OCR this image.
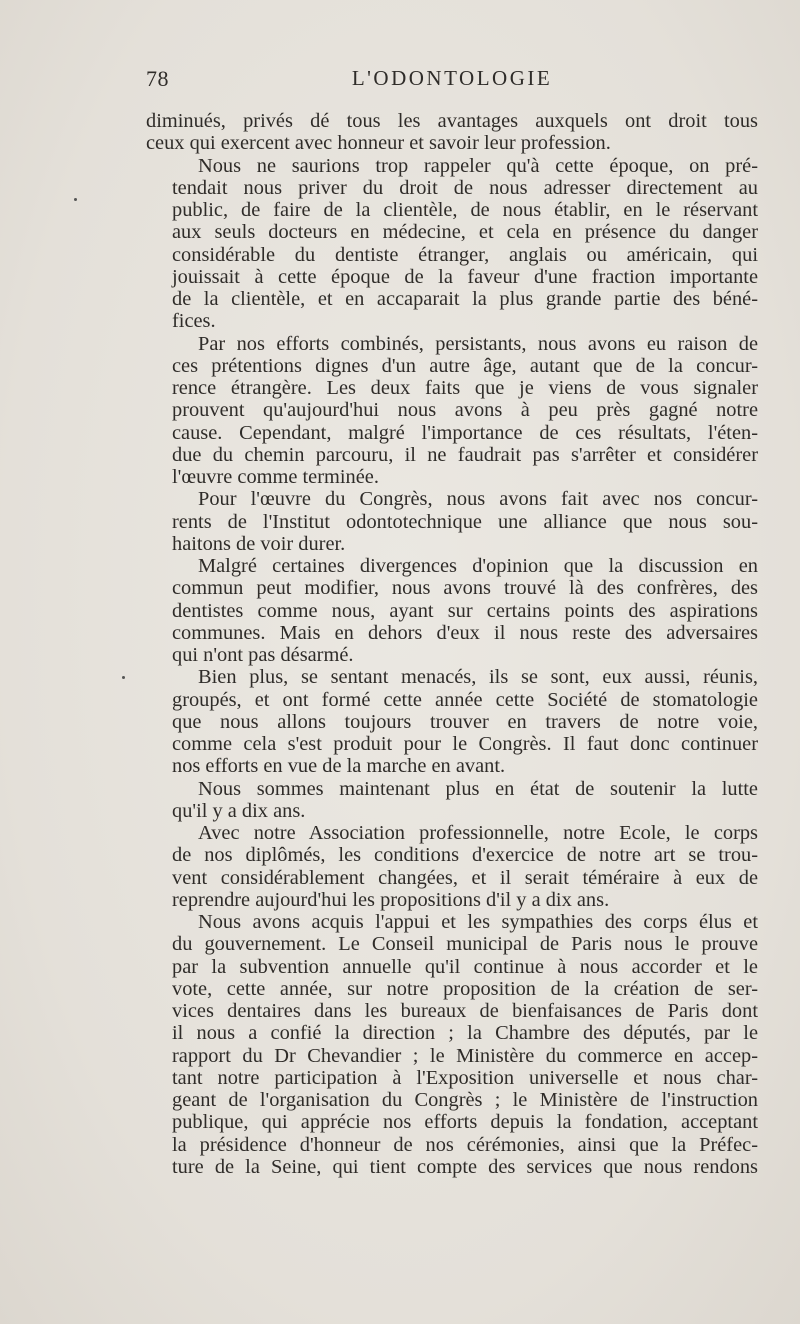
78	L'ODONTOLOGIE
diminués, privés dé tous les avantages auxquels ont droit tous
ceux qui exercent avec honneur et savoir leur profession.
Nous ne saurions trop rappeler qu'à cette époque, on pré-
tendait nous priver du droit de nous adresser directement au
public, de faire de la clientèle, de nous établir, en le réservant
aux seuls docteurs en médecine, et cela en présence du danger
considérable du dentiste étranger, anglais ou américain, qui
jouissait à cette époque de la faveur d'une fraction importante
de la clientèle, et en accaparait la plus grande partie des béné-
fices.
Par nos efforts combinés, persistants, nous avons eu raison de
ces prétentions dignes d'un autre âge, autant que de la concur-
rence étrangère. Les deux faits que je viens de vous signaler
prouvent qu'aujourd'hui nous avons à peu près gagné notre
cause. Cependant, malgré l'importance de ces résultats, l'éten-
due du chemin parcouru, il ne faudrait pas s'arrêter et considérer
l'œuvre comme terminée.
Pour l'œuvre du Congrès, nous avons fait avec nos concur-
rents de l'Institut odontotechnique une alliance que nous sou-
haitons de voir durer.
Malgré certaines divergences d'opinion que la discussion en
commun peut modifier, nous avons trouvé là des confrères, des
dentistes comme nous, ayant sur certains points des aspirations
communes. Mais en dehors d'eux il nous reste des adversaires
qui n'ont pas désarmé.
Bien plus, se sentant menacés, ils se sont, eux aussi, réunis,
groupés, et ont formé cette année cette Société de stomatologie
que nous allons toujours trouver en travers de notre voie,
comme cela s'est produit pour le Congrès. Il faut donc continuer
nos efforts en vue de la marche en avant.
Nous sommes maintenant plus en état de soutenir la lutte
qu'il y a dix ans.
Avec notre Association professionnelle, notre Ecole, le corps
de nos diplômés, les conditions d'exercice de notre art se trou-
vent considérablement changées, et il serait téméraire à eux de
reprendre aujourd'hui les propositions d'il y a dix ans.
Nous avons acquis l'appui et les sympathies des corps élus et
du gouvernement. Le Conseil municipal de Paris nous le prouve
par la subvention annuelle qu'il continue à nous accorder et le
vote, cette année, sur notre proposition de la création de ser-
vices dentaires dans les bureaux de bienfaisances de Paris dont
il nous a confié la direction ; la Chambre des députés, par le
rapport du Dr Chevandier ; le Ministère du commerce en accep-
tant notre participation à l'Exposition universelle et nous char-
geant de l'organisation du Congrès ; le Ministère de l'instruction
publique, qui apprécie nos efforts depuis la fondation, acceptant
la présidence d'honneur de nos cérémonies, ainsi que la Préfec-
ture de la Seine, qui tient compte des services que nous rendons
